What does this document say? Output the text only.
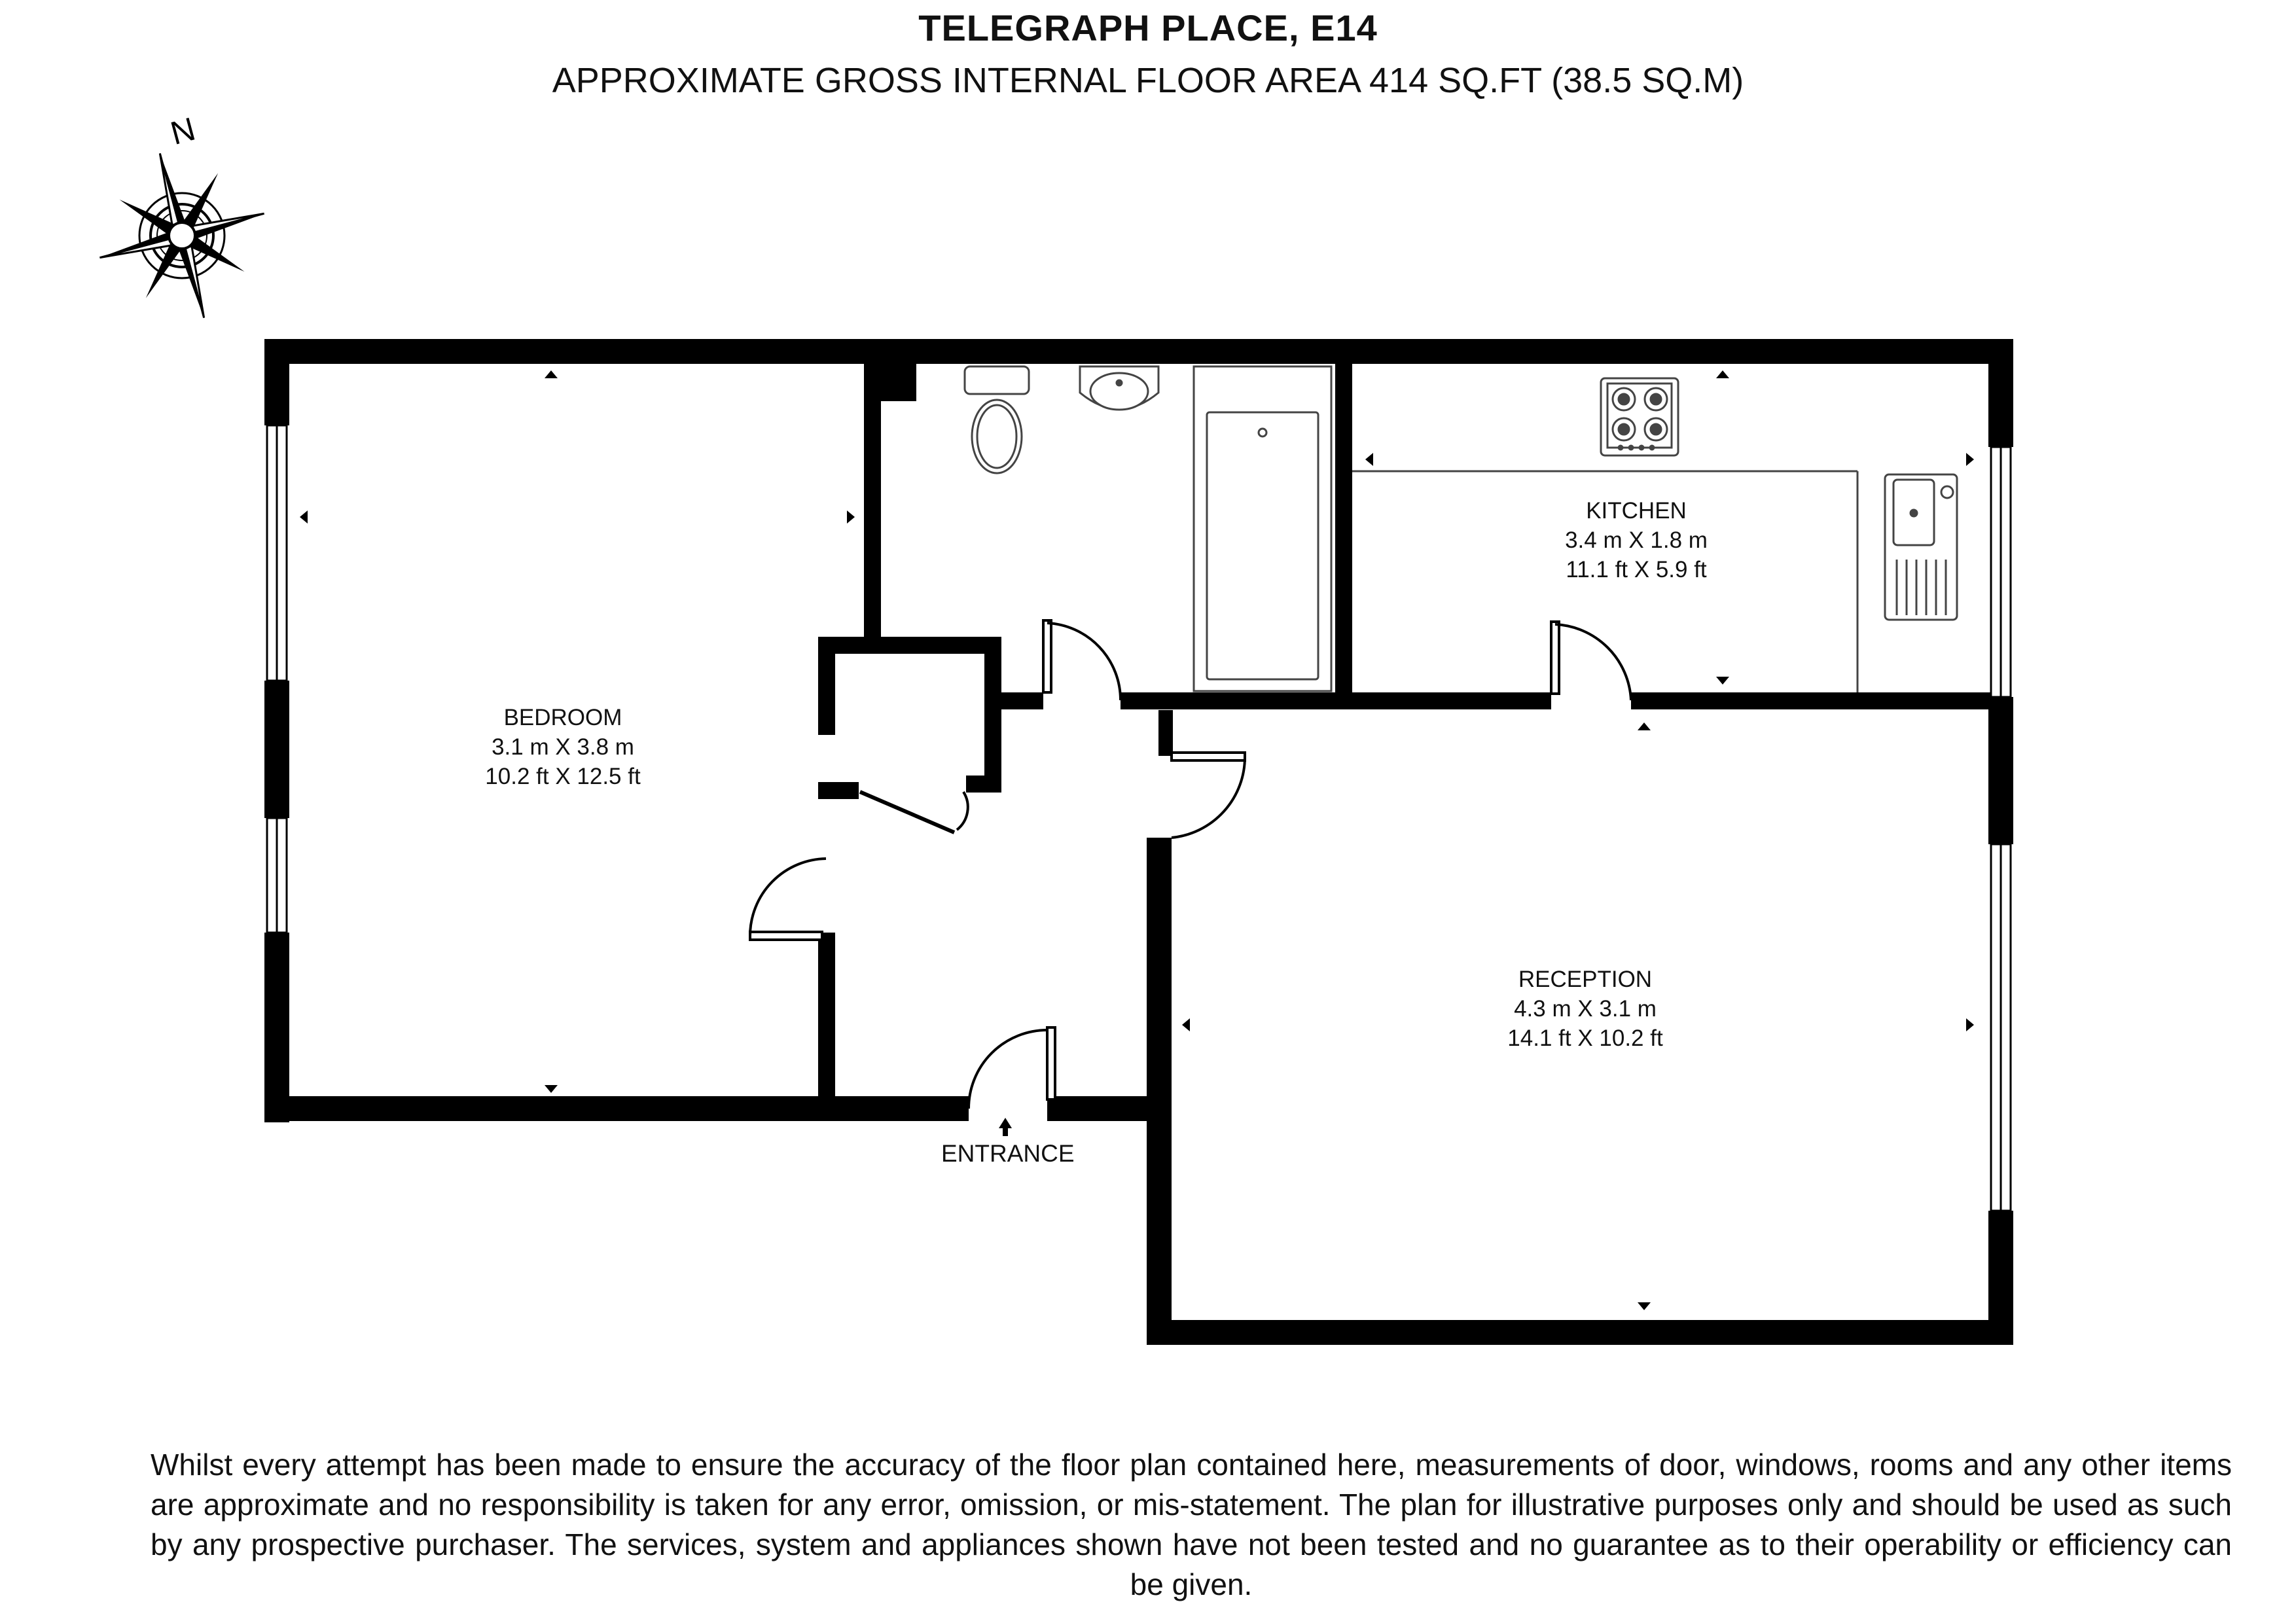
N
TELEGRAPH PLACE, E14
APPROXIMATE GROSS INTERNAL FLOOR AREA 414 SQ.FT (38.5 SQ.M)
BEDROOM
3.1 m X 3.8 m
10.2 ft X 12.5 ft
KITCHEN
3.4 m X 1.8 m
11.1 ft X 5.9 ft
RECEPTION
4.3 m X 3.1 m
14.1 ft X 10.2 ft
ENTRANCE
Whilst every attempt has been made to ensure the accuracy of the floor plan contained here, measurements of door, windows, rooms and any other items are approximate and no responsibility is taken for any error, omission, or mis-statement. The plan for illustrative purposes only and should be used as such by any prospective purchaser. The services, system and appliances shown have not been tested and no guarantee as to their operability or efficiency can be given.
